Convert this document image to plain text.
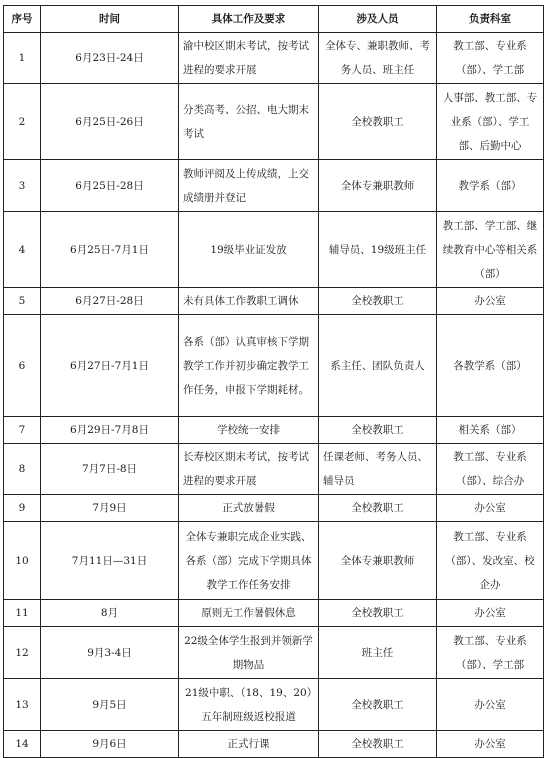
序号	时间	具体工作及要求	涉及人员	负责科室
1	6月23日-24日	渝中校区期末考试，按考试进程的要求开展	全体专、兼职教师、考务人员、班主任	教工部、专业系（部）、学工部
2	6月25日-26日	分类高考、公招、电大期末考试	全校教职工	人事部、教工部、专业系（部）、学工部、后勤中心
3	6月25日-28日	教师评阅及上传成绩，上交成绩册并登记	全体专兼职教师	教学系（部）
4	6月25日-7月1日	19级毕业证发放	辅导员、19级班主任	教工部、学工部、继续教育中心等相关系（部）
5	6月27日-28日	未有具体工作教职工调休	全校教职工	办公室
6	6月27日-7月1日	各系（部）认真审核下学期教学工作并初步确定教学工作任务，申报下学期耗材。	系主任、团队负责人	各教学系（部）
7	6月29日-7月8日	学校统一安排	全校教职工	相关系（部）
8	7月7日-8日	长寿校区期末考试，按考试进程的要求开展	任课老师、考务人员、辅导员	教工部、专业系（部）、综合办
9	7月9日	正式放暑假	全校教职工	办公室
10	7月11日—31日	全体专兼职完成企业实践、各系（部）完成下学期具体教学工作任务安排	全体专兼职教师	教工部、专业系（部）、发改室、校企办
11	8月	原则无工作暑假休息	全校教职工	办公室
12	9月3-4日	22级全体学生报到并领新学期物品	班主任	教工部、专业系（部）、学工部
13	9月5日	21级中职、（18、19、20）五年制班级返校报道	全校教职工	办公室
14	9月6日	正式行课	全校教职工	办公室
